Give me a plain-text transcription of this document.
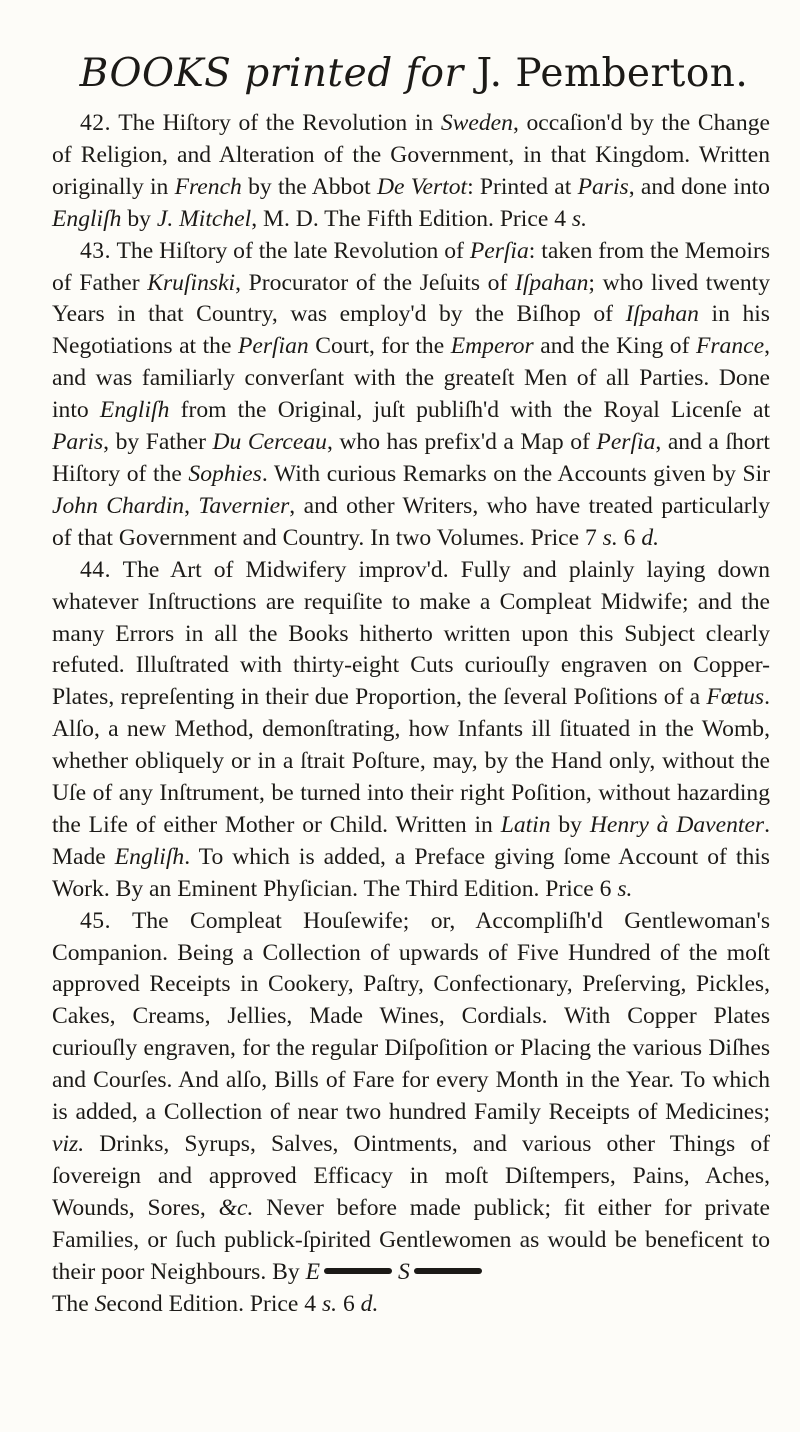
BOOKS printed for J. Pemberton.

42. The Hiſtory of the Revolution in Sweden, occaſion'd by the Change of Religion, and Alteration of the Government, in that Kingdom. Written originally in French by the Abbot De Vertot: Printed at Paris, and done into Engliſh by J. Mitchel, M. D. The Fifth Edition. Price 4 s.

43. The Hiſtory of the late Revolution of Perſia: taken from the Memoirs of Father Kruſinski, Procurator of the Jeſuits of Iſpahan; who lived twenty Years in that Country, was employ'd by the Biſhop of Iſpahan in his Negotiations at the Perſian Court, for the Emperor and the King of France, and was familiarly converſant with the greateſt Men of all Parties. Done into Engliſh from the Original, juſt publiſh'd with the Royal Licenſe at Paris, by Father Du Cerceau, who has prefix'd a Map of Perſia, and a ſhort Hiſtory of the Sophies. With curious Remarks on the Accounts given by Sir John Chardin, Tavernier, and other Writers, who have treated particularly of that Government and Country. In two Volumes. Price 7 s. 6 d.

44. The Art of Midwifery improv'd. Fully and plainly laying down whatever Inſtructions are requiſite to make a Compleat Midwife; and the many Errors in all the Books hitherto written upon this Subject clearly refuted. Illuſtrated with thirty-eight Cuts curiouſly engraven on Copper-Plates, repreſenting in their due Proportion, the ſeveral Poſitions of a Fœtus. Alſo, a new Method, demonſtrating, how Infants ill ſituated in the Womb, whether obliquely or in a ſtrait Poſture, may, by the Hand only, without the Uſe of any Inſtrument, be turned into their right Poſition, without hazarding the Life of either Mother or Child. Written in Latin by Henry à Daventer. Made Engliſh. To which is added, a Preface giving ſome Account of this Work. By an Eminent Phyſician. The Third Edition. Price 6 s.

45. The Compleat Houſewife; or, Accompliſh'd Gentlewoman's Companion. Being a Collection of upwards of Five Hundred of the moſt approved Receipts in Cookery, Paſtry, Confectionary, Preſerving, Pickles, Cakes, Creams, Jellies, Made Wines, Cordials. With Copper Plates curiouſly engraven, for the regular Diſpoſition or Placing the various Diſhes and Courſes. And alſo, Bills of Fare for every Month in the Year. To which is added, a Collection of near two hundred Family Receipts of Medicines; viz. Drinks, Syrups, Salves, Ointments, and various other Things of ſovereign and approved Efficacy in moſt Diſtempers, Pains, Aches, Wounds, Sores, &c. Never before made publick; fit either for private Families, or ſuch publick-ſpirited Gentlewomen as would be beneficent to their poor Neighbours. By E	S
The Second Edition. Price 4 s. 6 d.
